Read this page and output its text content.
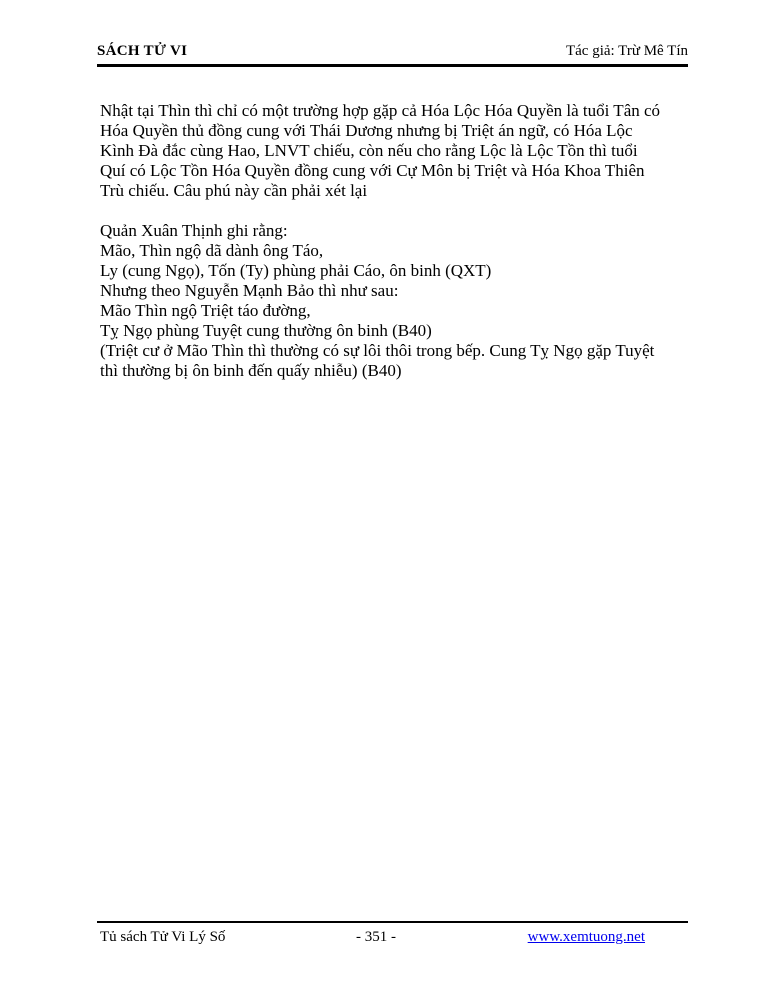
SÁCH TỬ VI	Tác giả: Trừ Mê Tín
Nhật tại Thìn thì chỉ có một trường hợp gặp cả Hóa Lộc Hóa Quyền là tuổi Tân có
Hóa Quyền thủ đồng cung với Thái Dương nhưng bị Triệt án ngữ, có Hóa Lộc
Kình Đà đắc cùng Hao, LNVT chiếu, còn nếu cho rằng Lộc là Lộc Tồn thì tuổi
Quí có Lộc Tồn Hóa Quyền đồng cung với Cự Môn bị Triệt và Hóa Khoa Thiên
Trù chiếu. Câu phú này cần phải xét lại
Quản Xuân Thịnh ghi rằng:
Mão, Thìn ngộ dã dành ông Táo,
Ly (cung Ngọ), Tốn (Ty) phùng phải Cáo, ôn binh (QXT)
Nhưng theo Nguyễn Mạnh Bảo thì như sau:
Mão Thìn ngộ Triệt táo đường,
Tỵ Ngọ phùng Tuyệt cung thường ôn binh (B40)
(Triệt cư ở Mão Thìn thì thường có sự lôi thôi trong bếp. Cung Tỵ Ngọ gặp Tuyệt
thì thường bị ôn binh đến quấy nhiễu) (B40)
Tủ sách Tử Vi Lý Số	- 351 -	www.xemtuong.net
